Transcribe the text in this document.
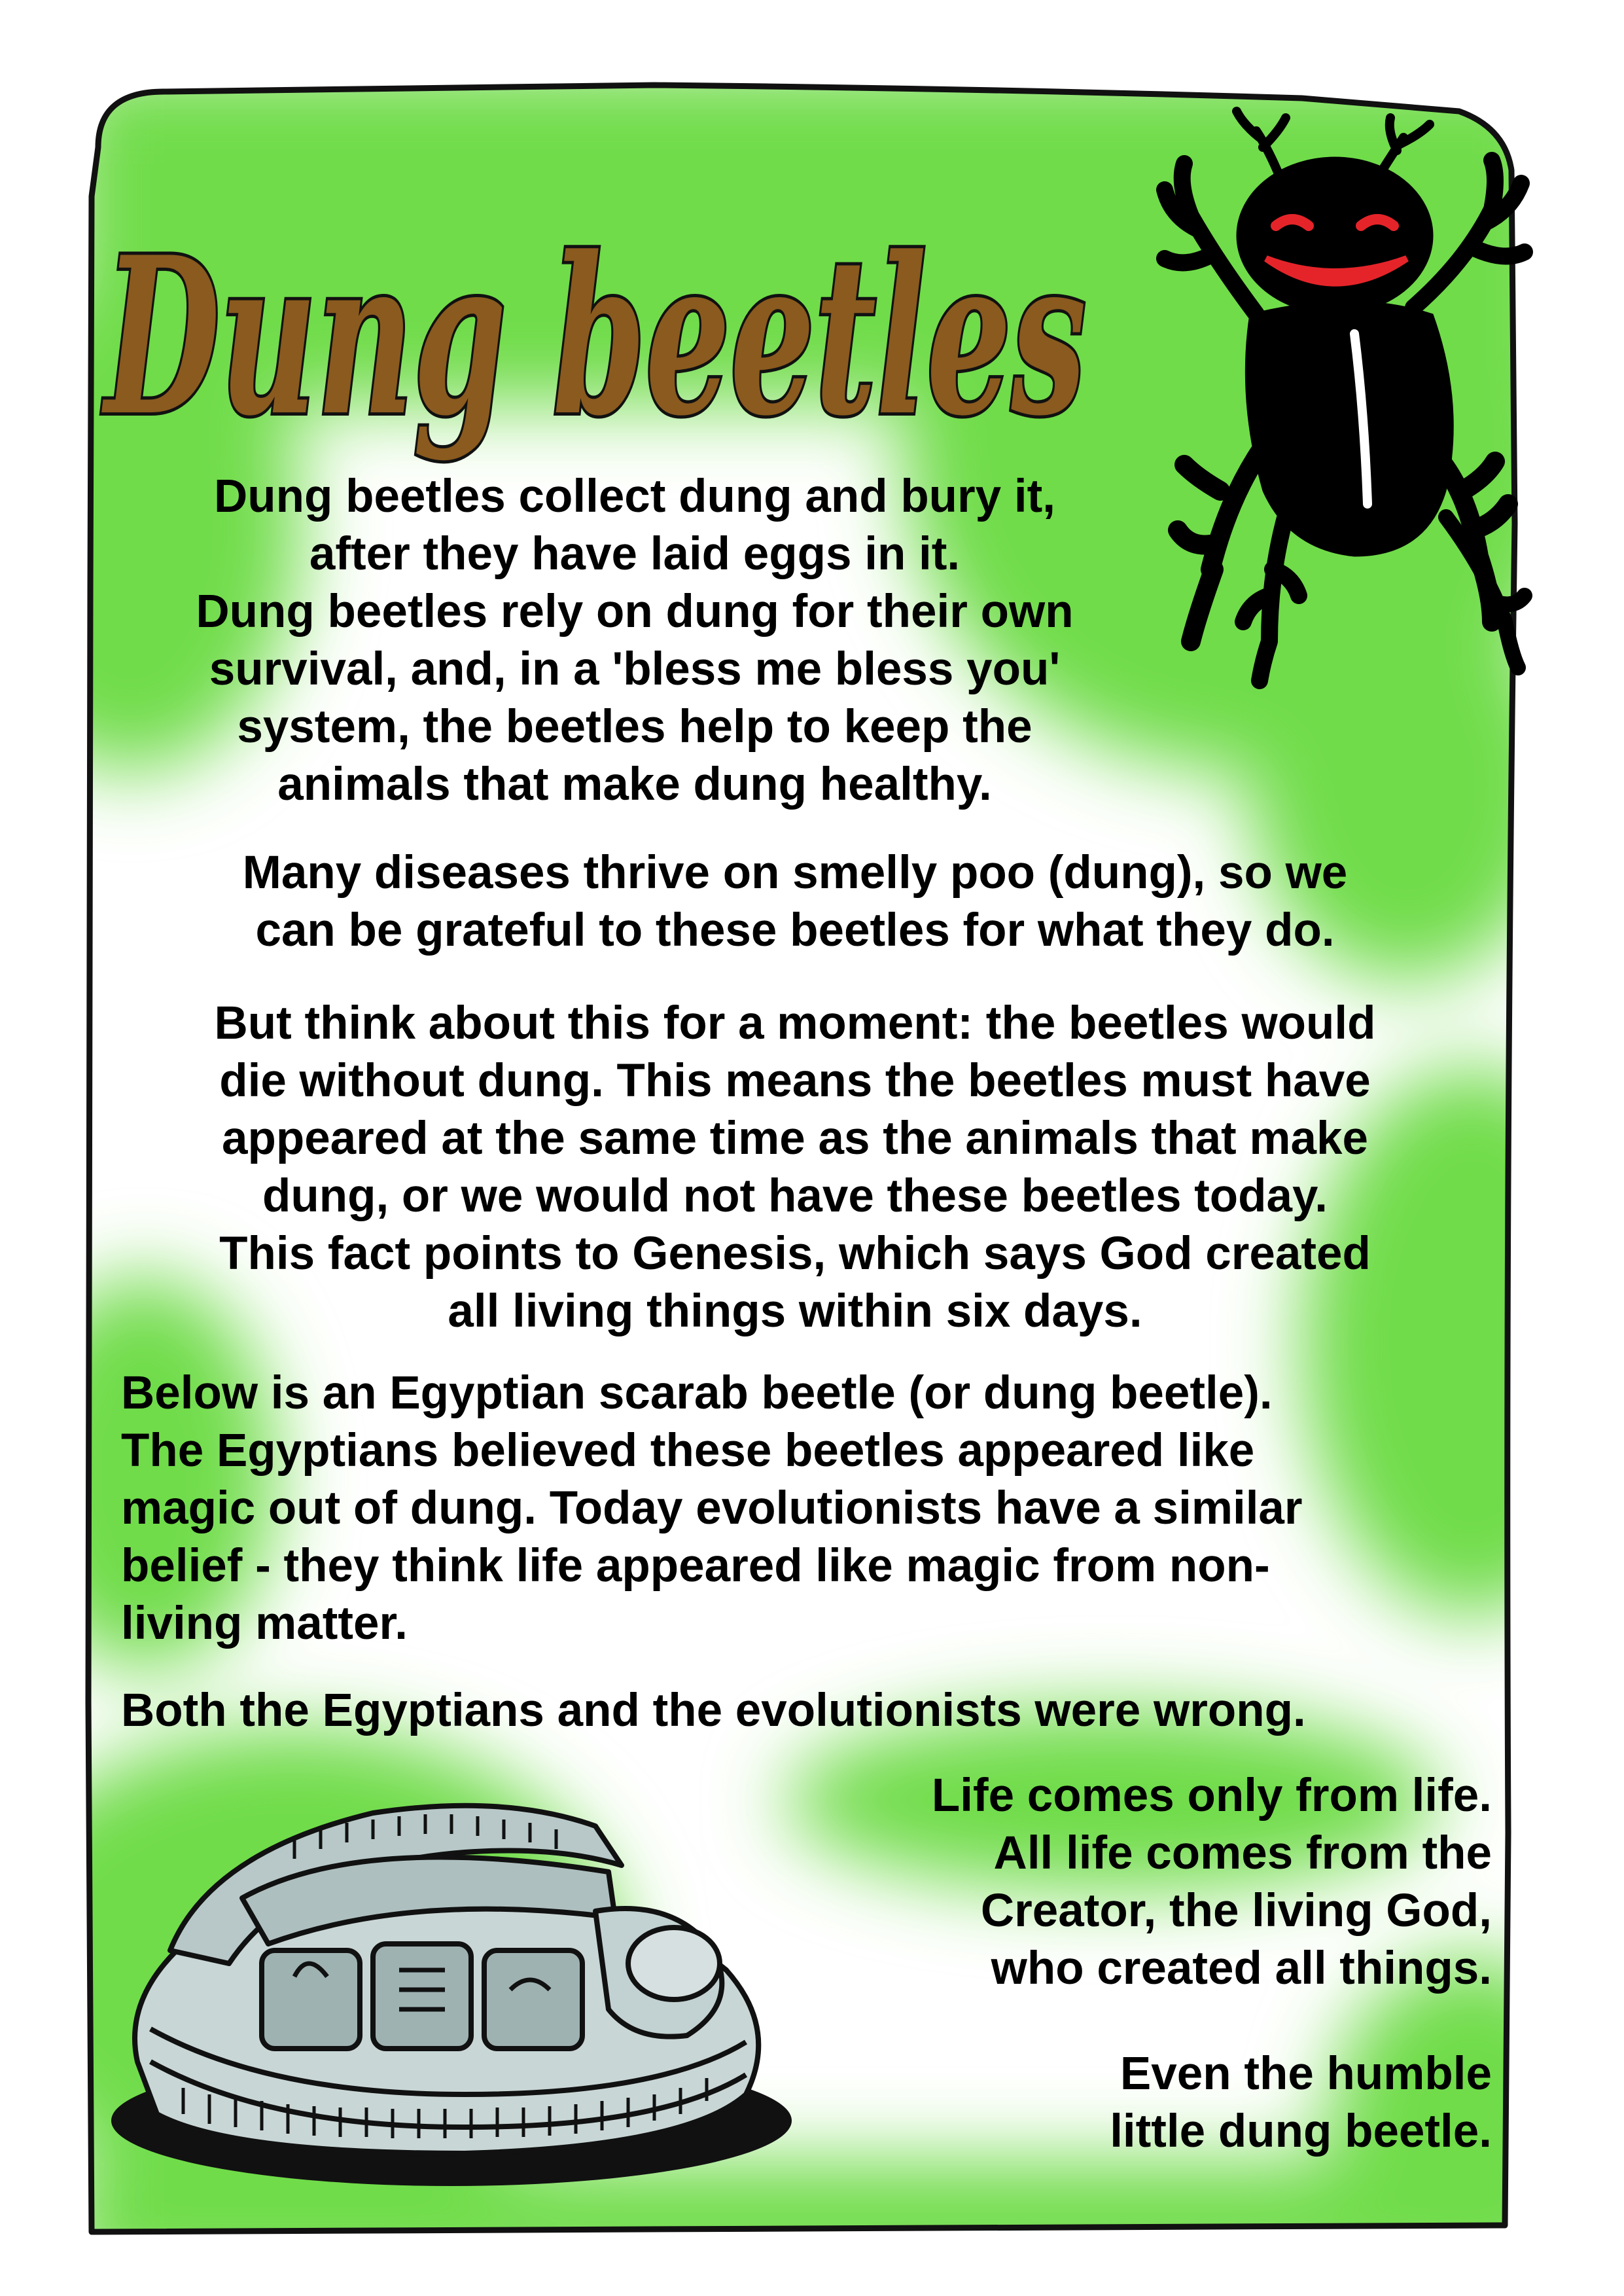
Dung beetles

Dung beetles collect dung and bury it,
after they have laid eggs in it.
Dung beetles rely on dung for their own
survival, and, in a 'bless me bless you'
system, the beetles help to keep the
animals that make dung healthy.

Many diseases thrive on smelly poo (dung), so we
can be grateful to these beetles for what they do.

But think about this for a moment: the beetles would
die without dung. This means the beetles must have
appeared at the same time as the animals that make
dung, or we would not have these beetles today.
This fact points to Genesis, which says God created
all living things within six days.

Below is an Egyptian scarab beetle (or dung beetle).
The Egyptians believed these beetles appeared like
magic out of dung. Today evolutionists have a similar
belief - they think life appeared like magic from non-
living matter.

Both the Egyptians and the evolutionists were wrong.

Life comes only from life.
All life comes from the
Creator, the living God,
who created all things.

Even the humble
little dung beetle.
